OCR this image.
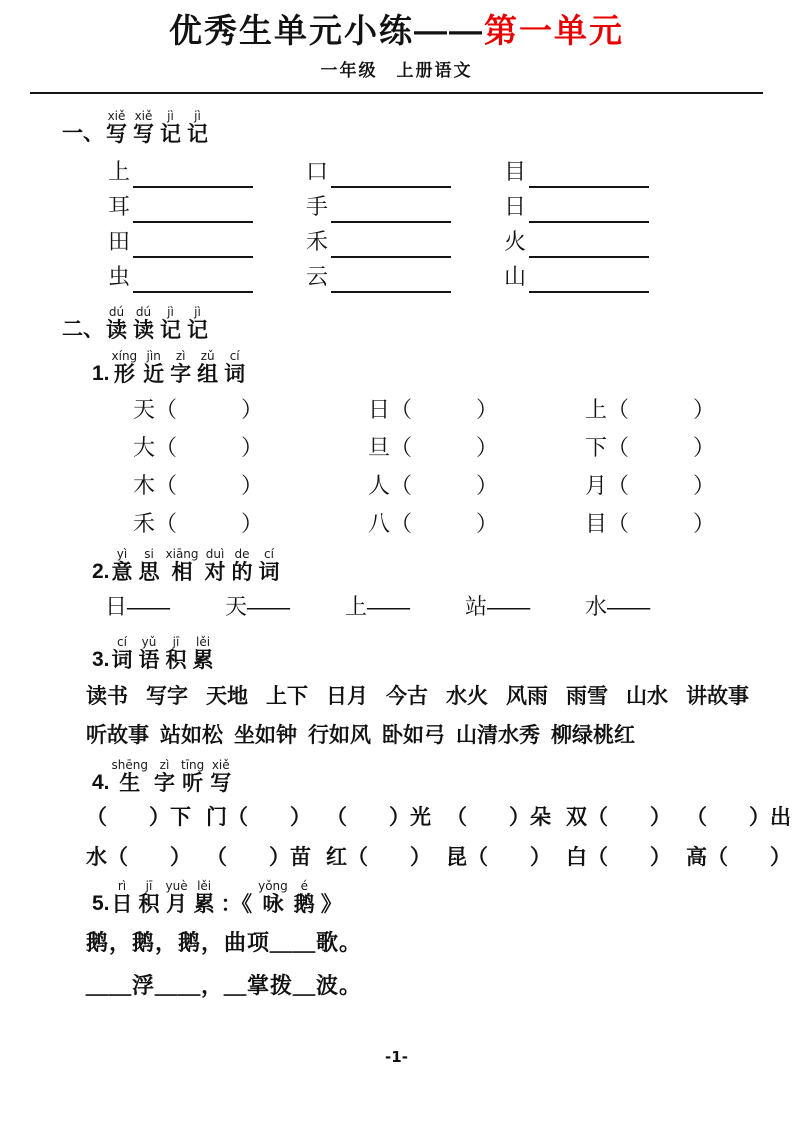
优秀生单元小练——第一单元
一年级　上册语文
一、 写xiě写xiě记jì记jì
上	口	目
耳	手	日
田	禾	火
虫	云	山
二、 读dú读dú记jì记jì
1. 形xíng近jìn字zì组zǔ词cí
天 （	）	日 （	）	上 （	）
大 （	）	旦 （	）	下 （	）
木 （	）	人 （	）	月 （	）
禾 （	）	八 （	）	目 （	）
2. 意yì思si相xiāng对duì的de词cí
日 ——	天 ——	上 ——	站 ——	水 ——
3. 词cí语yǔ积jī累lěi
读书 写字 天地 上下 日月 今古 水火 风雨 雨雪 山水 讲故事
听故事 站如松 坐如钟 行如风 卧如弓 山清水秀 柳绿桃红
4. 生shēng字zì听tīng写xiě
（　　）下 门（　　） （　　）光 （　　）朵 双（　　） （　　）出
水（　　） （　　）苗 红（　　） 昆（　　） 白（　　） 高（　　）
5. 日rì积jī月yuè累lěi：《 咏yǒng鹅é》
鹅，鹅，鹅，曲项＿＿歌。
＿＿浮＿＿，＿掌拨＿波。
-1-
